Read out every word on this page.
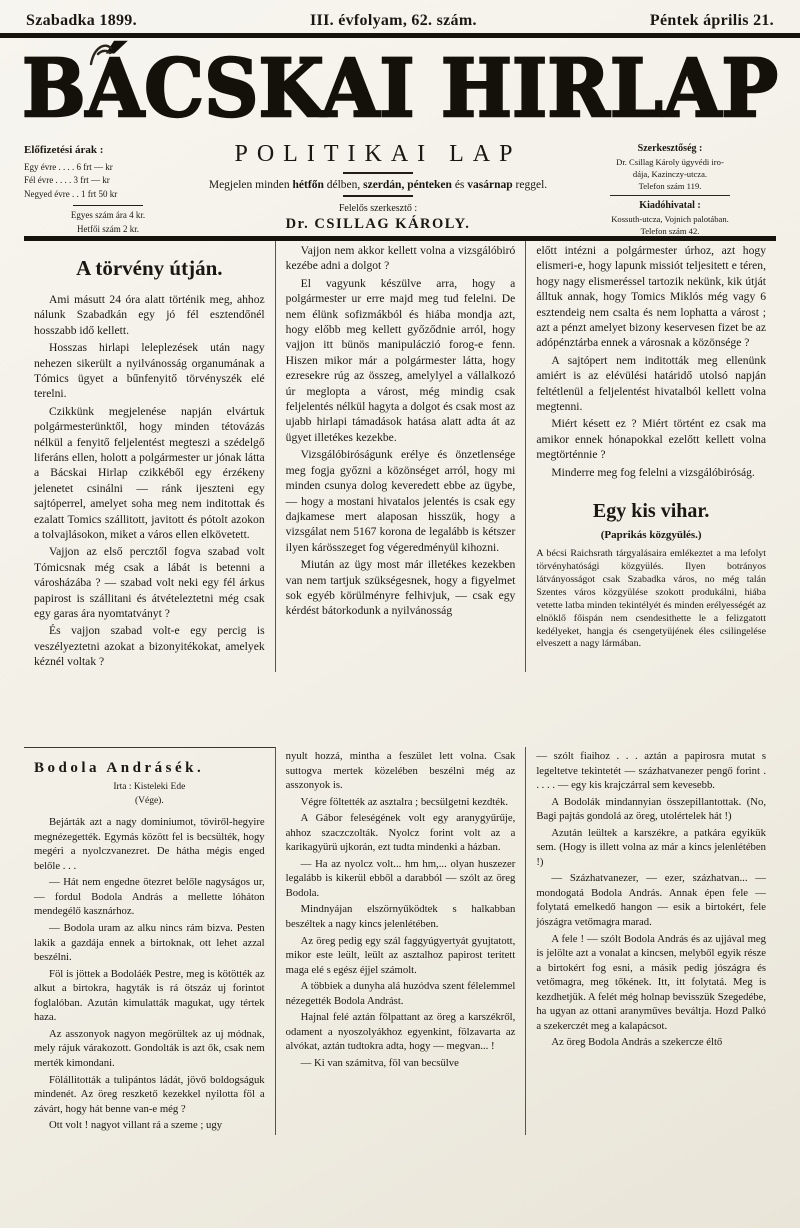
Szabadka 1899.	III. évfolyam, 62. szám.	Péntek április 21.
BÁCSKAI HIRLAP

Előfizetési árak :

Egy évre . . . . 6 frt — kr

Fél évre . . . . 3 frt — kr

Negyed évre . . 1 frt 50 kr

Egyes szám ára 4 kr.

Hetfői szám 2 kr.

POLITIKAI LAP

Megjelen minden hétfőn délben, szerdán, pénteken és vasárnap reggel.

Felelős szerkesztő :

Dr. CSILLAG KÁROLY.

Szerkesztőség :

Dr. Csillag Károly ügyvédi iro-

dája, Kazinczy-utcza.

Telefon szám 119.

Kiadóhivatal :

Kossuth-utcza, Vojnich palotában.

Telefon szám 42.

A törvény útján.

Ami másutt 24 óra alatt történik meg, ahhoz nálunk Szabadkán egy jó fél esztendőnél hosszabb idő kellett.

Hosszas hirlapi leleplezések után nagy nehezen sikerült a nyilvánosság organumának a Tómics ügyet a bűnfenyitő törvényszék elé terelni.

Czikkünk megjelenése napján elvártuk polgármesterünktől, hogy minden tétovázás nélkül a fenyitő feljelentést megteszi a szédelgő liferáns ellen, holott a polgármester ur jónak látta a Bácskai Hirlap czikkéből egy érzékeny jelenetet csinálni — ránk ijeszteni egy sajtóperrel, amelyet soha meg nem inditottak és ezalatt Tomics szállitott, javitott és pótolt azokon a tolvajlásokon, miket a város ellen elkövetett.

Vajjon az első percztől fogva szabad volt Tómicsnak még csak a lábát is betenni a városházába ? — szabad volt neki egy fél árkus papirost is szállitani és átvételeztetni még csak egy garas ára nyomtatványt ?

És vajjon szabad volt-e egy percig is veszélyeztetni azokat a bizonyitékokat, amelyek kéznél voltak ?

Vajjon nem akkor kellett volna a vizsgálóbiró kezébe adni a dolgot ?

El vagyunk készülve arra, hogy a polgármester ur erre majd meg tud felelni. De nem élünk sofizmákból és hiába mondja azt, hogy előbb meg kellett győződnie arról, hogy vajjon itt bünös manipuláczió forog-e fenn. Hiszen mikor már a polgármester látta, hogy ezresekre rúg az összeg, amelylyel a vállalkozó úr meglopta a várost, még mindig csak feljelentés nélkül hagyta a dolgot és csak most az ujabb hirlapi támadások hatása alatt adta át az ügyet illetékes kezekbe.

Vizsgálóbiróságunk erélye és önzetlensége meg fogja győzni a közönséget arról, hogy mi minden csunya dolog keveredett ebbe az ügybe, — hogy a mostani hivatalos jelentés is csak egy dajkamese mert alaposan hisszük, hogy a vizsgálat nem 5167 korona de legalább is kétszer ilyen kárösszeget fog végeredményül kihozni.

Miután az ügy most már illetékes kezekben van nem tartjuk szükségesnek, hogy a figyelmet sok egyéb körülményre felhivjuk, — csak egy kérdést bátorkodunk a nyilvánosság

előtt intézni a polgármester úrhoz, azt hogy elismeri-e, hogy lapunk missiót teljesitett e téren, hogy nagy elismeréssel tartozik nekünk, kik útját álltuk annak, hogy Tomics Miklós még vagy 6 esztendeig nem csalta és nem lophatta a várost ; azt a pénzt amelyet bizony keservesen fizet be az adópénztárba ennek a városnak a közönsége ?

A sajtópert nem inditották meg ellenünk amiért is az elévülési határidő utolsó napján feltétlenül a feljelentést hivatalból kellett volna megtenni.

Miért késett ez ? Miért történt ez csak ma amikor ennek hónapokkal ezelőtt kellett volna megtörténnie ?

Minderre meg fog felelni a vizsgálóbiróság.

Egy kis vihar.

(Paprikás közgyülés.)

A bécsi Raichsrath tárgyalásaira emlékeztet a ma lefolyt törvényhatósági közgyülés. Ilyen botrányos látványosságot csak Szabadka város, no még talán Szentes város közgyülése szokott produkálni, hiába vetette latba minden tekintélyét és minden erélyességét az elnöklő főispán nem csendesithette le a felizgatott kedélyeket, hangja és csengetyüjének éles csilingelése elveszett a nagy lármában.

Bodola Andrásék.

Irta : Kisteleki Ede

(Vége).

Bejárták azt a nagy dominiumot, töviről-hegyire megnézegették. Egymás között fel is becsülték, hogy megéri a nyolczvanezret. De hátha mégis enged belőle . . .

— Hát nem engedne ötezret belőle nagyságos ur, — fordul Bodola András a mellette lóháton mendegélő kasznárhoz.

— Bodola uram az alku nincs rám bizva. Pesten lakik a gazdája ennek a birtoknak, ott lehet azzal beszélni.

Föl is jöttek a Bodoláék Pestre, meg is kötötték az alkut a birtokra, hagyták is rá ötszáz uj forintot foglalóban. Azután kimulatták magukat, ugy tértek haza.

Az asszonyok nagyon megörültek az uj módnak, mely rájuk várakozott. Gondolták is azt ők, csak nem merték kimondani.

Fölállitották a tulipántos ládát, jövő boldogságuk mindenét. Az öreg reszkető kezekkel nyilotta föl a závárt, hogy hát benne van-e még ?

Ott volt ! nagyot villant rá a szeme ; ugy

nyult hozzá, mintha a feszület lett volna. Csak suttogva mertek közelében beszélni még az asszonyok is.

Végre föltették az asztalra ; becsülgetni kezdték.

A Gábor feleségének volt egy aranygyűrűje, ahhoz szaczczolták. Nyolcz forint volt az a karikagyürü ujkorán, ezt tudta mindenki a házban.

— Ha az nyolcz volt... hm hm,... olyan huszezer legalább is kikerül ebből a darabból — szólt az öreg Bodola.

Mindnyájan elszörnyűködtek s halkabban beszéltek a nagy kincs jelenlétében.

Az öreg pedig egy szál faggyúgyertyát gyujtatott, mikor este leült, leült az asztalhoz papirost teritett maga elé s egész éjjel számolt.

A többiek a dunyha alá huzódva szent félelemmel nézegették Bodola Andrást.

Hajnal felé aztán fölpattant az öreg a karszékről, odament a nyoszolyákhoz egyenkint, fölzavarta az alvókat, aztán tudtokra adta, hogy — megvan... !

— Ki van számitva, föl van becsülve

— szólt fiaihoz . . . aztán a papirosra mutat s legeltetve tekintetét — százhatvanezer pengő forint . . . . . — egy kis krajczárral sem kevesebb.

A Bodolák mindannyian összepillantottak. (No, Bagi pajtás gondolá az öreg, utolértelek hát !)

Azután leültek a karszékre, a patkára egyikük sem. (Hogy is illett volna az már a kincs jelenlétében !)

— Százhatvanezer, — ezer, százhatvan... — mondogatá Bodola András. Annak épen fele — folytatá emelkedő hangon — esik a birtokért, fele jószágra vetőmagra marad.

A fele ! — szólt Bodola András és az ujjával meg is jelölte azt a vonalat a kincsen, melyből egyik része a birtokért fog esni, a másik pedig jószágra és vetőmagra, meg tőkének. Itt, itt folytatá. Meg is kezdhetjük. A felét még holnap bevisszük Szegedébe, ha ugyan az ottani aranyműves beváltja. Hozd Palkó a szekerczét meg a kalapácsot.

Az öreg Bodola András a szekercze éltő
